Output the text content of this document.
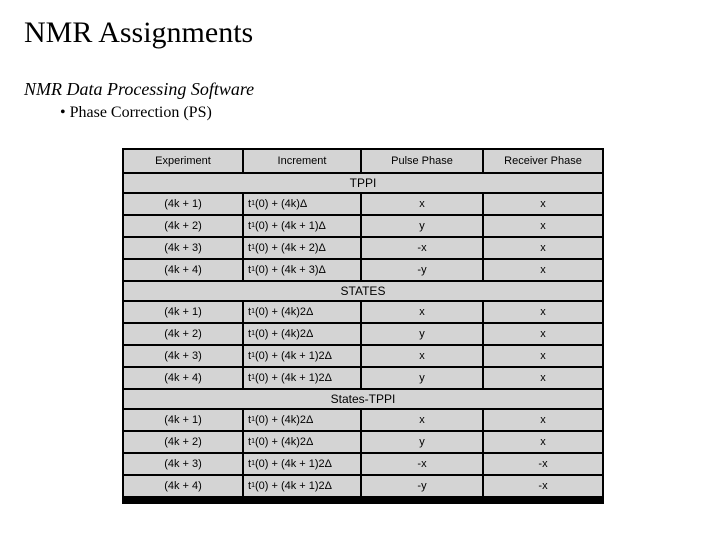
NMR Assignments
NMR Data Processing Software
• Phase Correction (PS)
Experiment	Increment	Pulse Phase	Receiver Phase
TPPI
(4k + 1)	t 1 (0) + (4k)Δ	x	x
(4k + 2)	t 1 (0) + (4k + 1)Δ	y	x
(4k + 3)	t 1 (0) + (4k + 2)Δ	-x	x
(4k + 4)	t 1 (0) + (4k + 3)Δ	-y	x
STATES
(4k + 1)	t 1 (0) + (4k)2Δ	x	x
(4k + 2)	t 1 (0) + (4k)2Δ	y	x
(4k + 3)	t 1 (0) + (4k + 1)2Δ	x	x
(4k + 4)	t 1 (0) + (4k + 1)2Δ	y	x
States-TPPI
(4k + 1)	t 1 (0) + (4k)2Δ	x	x
(4k + 2)	t 1 (0) + (4k)2Δ	y	x
(4k + 3)	t 1 (0) + (4k + 1)2Δ	-x	-x
(4k + 4)	t 1 (0) + (4k + 1)2Δ	-y	-x
